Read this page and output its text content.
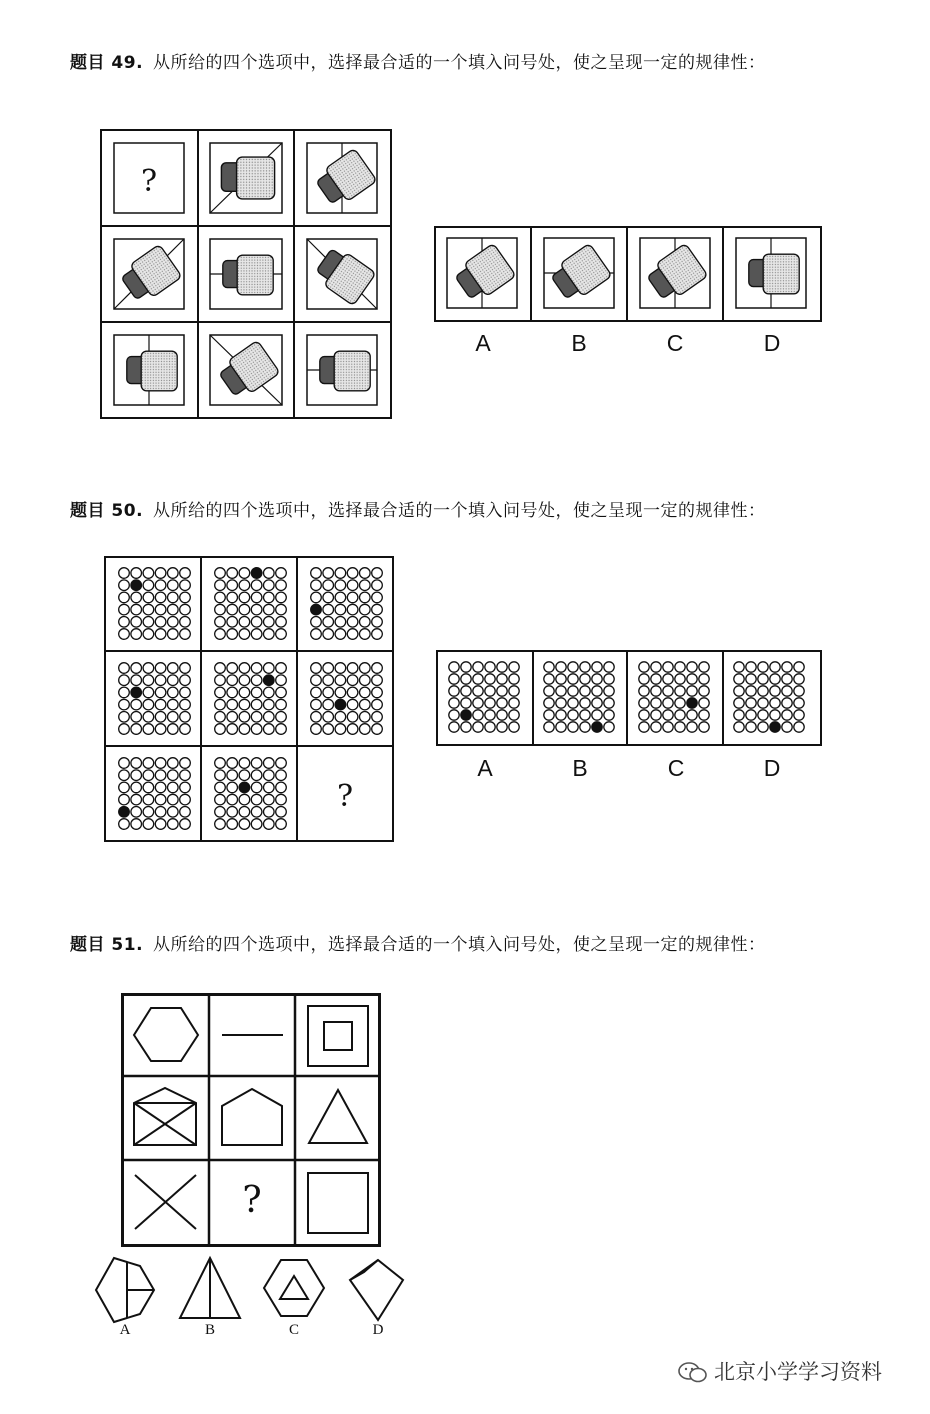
题目 49. 从所给的四个选项中，选择最合适的一个填入问号处，使之呈现一定的规律性：
?
A	B	C	D
题目 50. 从所给的四个选项中，选择最合适的一个填入问号处，使之呈现一定的规律性：
?
A	B	C	D
题目 51. 从所给的四个选项中，选择最合适的一个填入问号处，使之呈现一定的规律性：
?
A	B	C	D
北京小学学习资料
